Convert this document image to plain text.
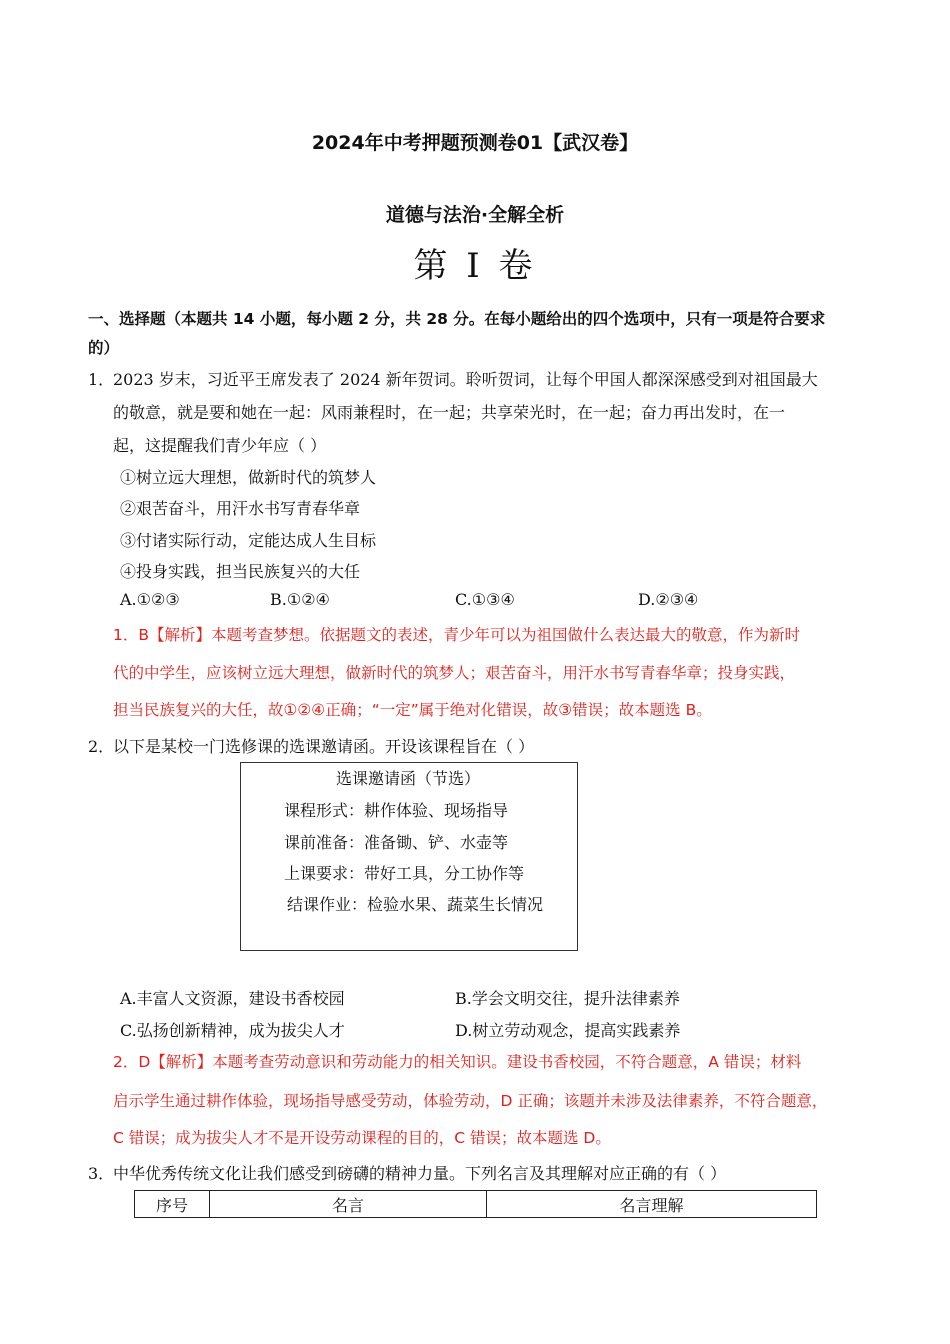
2024年中考押题预测卷01【武汉卷】
道德与法治·全解全析
第 I 卷
一、选择题（本题共 14 小题，每小题 2 分，共 28 分。在每小题给出的四个选项中，只有一项是符合要求
的）
1．
2023 岁末，习近平王席发表了 2024 新年贺词。聆听贺词，让每个甲国人都深深感受到对祖国最大
的敬意，就是要和她在一起：风雨兼程时，在一起；共享荣光时，在一起；奋力再出发时，在一
起，这提醒我们青少年应（ ）
①树立远大理想，做新时代的筑梦人
②艰苦奋斗，用汗水书写青春华章
③付诸实际行动，定能达成人生目标
④投身实践，担当民族复兴的大任
A.①②③	B.①②④	C.①③④	D.②③④
1．B【解析】本题考查梦想。依据题文的表述，青少年可以为祖国做什么表达最大的敬意，作为新时
代的中学生，应该树立远大理想，做新时代的筑梦人；艰苦奋斗，用汗水书写青春华章；投身实践，
担当民族复兴的大任，故①②④正确；“一定”属于绝对化错误，故③错误；故本题选 B。
2．
以下是某校一门选修课的选课邀请函。开设该课程旨在（ ）
选课邀请函（节选）
课程形式：耕作体验、现场指导
课前准备：准备锄、铲、水壶等
上课要求：带好工具，分工协作等
结课作业：检验水果、蔬菜生长情况
A.丰富人文资源，建设书香校园	B.学会文明交往，提升法律素养
C.弘扬创新精神，成为拔尖人才	D.树立劳动观念，提高实践素养
2．D【解析】本题考查劳动意识和劳动能力的相关知识。建设书香校园，不符合题意，A 错误；材料
启示学生通过耕作体验，现场指导感受劳动，体验劳动，D 正确；该题并未涉及法律素养，不符合题意，
C 错误；成为拔尖人才不是开设劳动课程的目的，C 错误；故本题选 D。
3．
中华优秀传统文化让我们感受到磅礴的精神力量。下列名言及其理解对应正确的有（ ）
序号	名言	名言理解
